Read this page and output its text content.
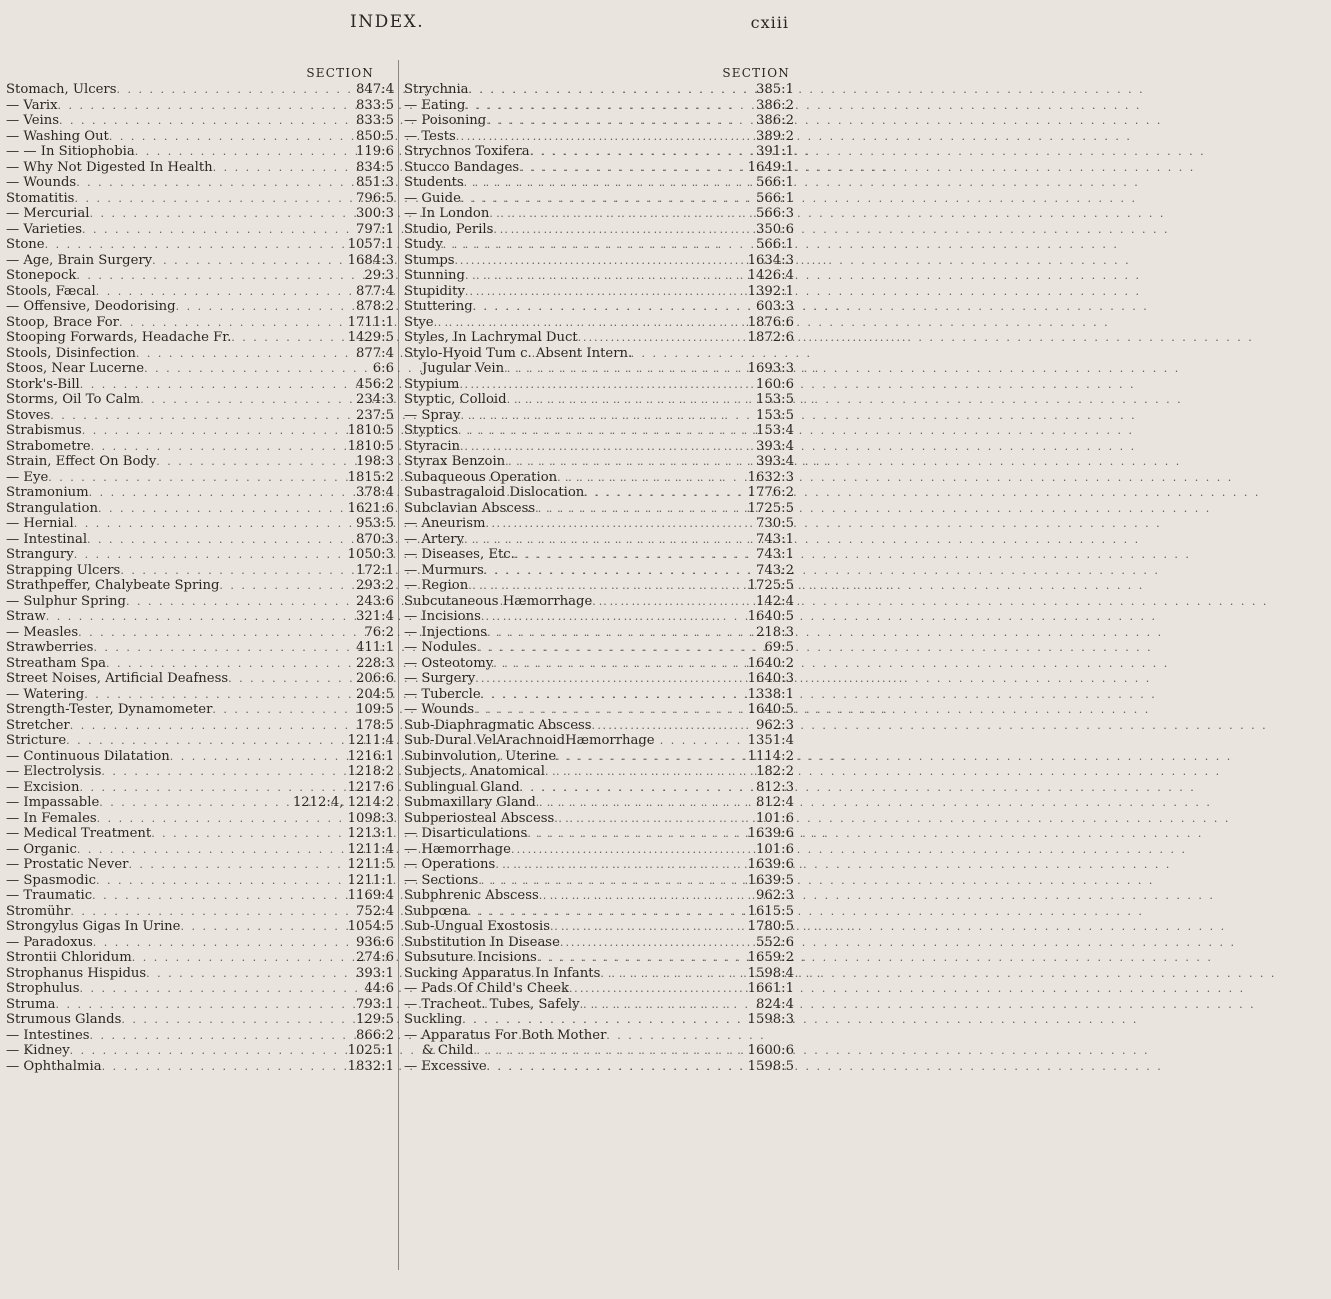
INDEX.	cxiii
SECTION
Stomach, Ulcers . . .	847:4
— Varix . . .	833:5
— Veins . . .	833:5
— Washing Out . . .	850:5
— — In Sitiophobia . . .	119:6
— Why Not Digested In Health . . .	834:5
— Wounds . . .	851:3
Stomatitis . . .	796:5
— Mercurial . . .	300:3
— Varieties . . .	797:1
Stone . . .	1057:1
— Age, Brain Surgery . . .	1684:3
Stonepock . . .	29:3
Stools, Fæcal . . .	877:4
— Offensive, Deodorising . . .	878:2
Stoop, Brace For . . .	1711:1
Stooping Forwards, Headache Fr. . . .	1429:5
Stools, Disinfection . . .	877:4
Stoos, Near Lucerne . . .	6:6
Stork's-Bill . . .	456:2
Storms, Oil To Calm . . .	234:3
Stoves . . .	237:5
Strabismus . . .	1810:5
Strabometre . . .	1810:5
Strain, Effect On Body . . .	198:3
— Eye . . .	1815:2
Stramonium . . .	378:4
Strangulation . . .	1621:6
— Hernial . . .	953:5
— Intestinal . . .	870:3
Strangury . . .	1050:3
Strapping Ulcers . . .	172:1
Strathpeffer, Chalybeate Spring . . .	293:2
— Sulphur Spring . . .	243:6
Straw . . .	321:4
— Measles . . .	76:2
Strawberries . . .	411:1
Streatham Spa . . .	228:3
Street Noises, Artificial Deafness . . .	206:6
— Watering . . .	204:5
Strength-Tester, Dynamometer . . .	109:5
Stretcher . . .	178:5
Stricture . . .	1211:4
— Continuous Dilatation . . .	1216:1
— Electrolysis . . .	1218:2
— Excision . . .	1217:6
— Impassable . . .	1212:4, 1214:2
— In Females . . .	1098:3
— Medical Treatment . . .	1213:1
— Organic . . .	1211:4
— Prostatic Never . . .	1211:5
— Spasmodic . . .	1211:1
— Traumatic . . .	1169:4
Stromühr . . .	752:4
Strongylus Gigas In Urine . . .	1054:5
— Paradoxus . . .	936:6
Strontii Chloridum . . .	274:6
Strophanus Hispidus . . .	393:1
Strophulus . . .	44:6
Struma . . .	793:1
Strumous Glands . . .	129:5
— Intestines . . .	866:2
— Kidney . . .	1025:1
— Ophthalmia . . .	1832:1
SECTION
Strychnia . . .	385:1
— Eating . . .	386:2
— Poisoning . . .	386:2
— Tests . . .	389:2
Strychnos Toxifera . . .	391:1
Stucco Bandages . . .	1649:1
Students . . .	566:1
— Guide . . .	566:1
— In London . . .	566:3
Studio, Perils . . .	350:6
Study . . .	566:1
Stumps . . .	1634:3
Stunning . . .	1426:4
Stupidity . . .	1392:1
Stuttering . . .	603:3
Stye . . .	1876:6
Styles, In Lachrymal Duct . . .	1872:6
Stylo-Hyoid Tum c. Absent Intern.
Jugular Vein . . .	1693:3
Stypium . . .	160:6
Styptic, Colloid . . .	153:5
— Spray . . .	153:5
Styptics . . .	153:4
Styracin . . .	393:4
Styrax Benzoin . . .	393:4
Subaqueous Operation . . .	1632:3
Subastragaloid Dislocation . . .	1776:2
Subclavian Abscess . . .	1725:5
— Aneurism . . .	730:5
— Artery . . .	743:1
— Diseases, Etc. . . .	743:1
— Murmurs . . .	743:2
— Region . . .	1725:5
Subcutaneous Hæmorrhage . . .	142:4
— Incisions . . .	1640:5
— Injections . . .	218:3
— Nodules . . .	69:5
— Osteotomy . . .	1640:2
— Surgery . . .	1640:3
— Tubercle . . .	1338:1
— Wounds . . .	1640:5
Sub-Diaphragmatic Abscess . . .	962:3
Sub-Dural VelArachnoidHæmorrhage	1351:4
Subinvolution, Uterine . . .	1114:2
Subjects, Anatomical . . .	182:2
Sublingual Gland . . .	812:3
Submaxillary Gland . . .	812:4
Subperiosteal Abscess . . .	101:6
— Disarticulations . . .	1639:6
— Hæmorrhage . . .	101:6
— Operations . . .	1639:6
— Sections . . .	1639:5
Subphrenic Abscess . . .	962:3
Subpœna . . .	1615:5
Sub-Ungual Exostosis . . .	1780:5
Substitution In Disease . . .	552:6
Subsuture Incisions . . .	1659:2
Sucking Apparatus In Infants . . .	1598:4
— Pads Of Child's Cheek . . .	1661:1
— Tracheot. Tubes, Safely . . .	824:4
Suckling . . .	1598:3
— Apparatus For Both Mother
& Child . . .	1600:6
— Excessive . . .	1598:5
